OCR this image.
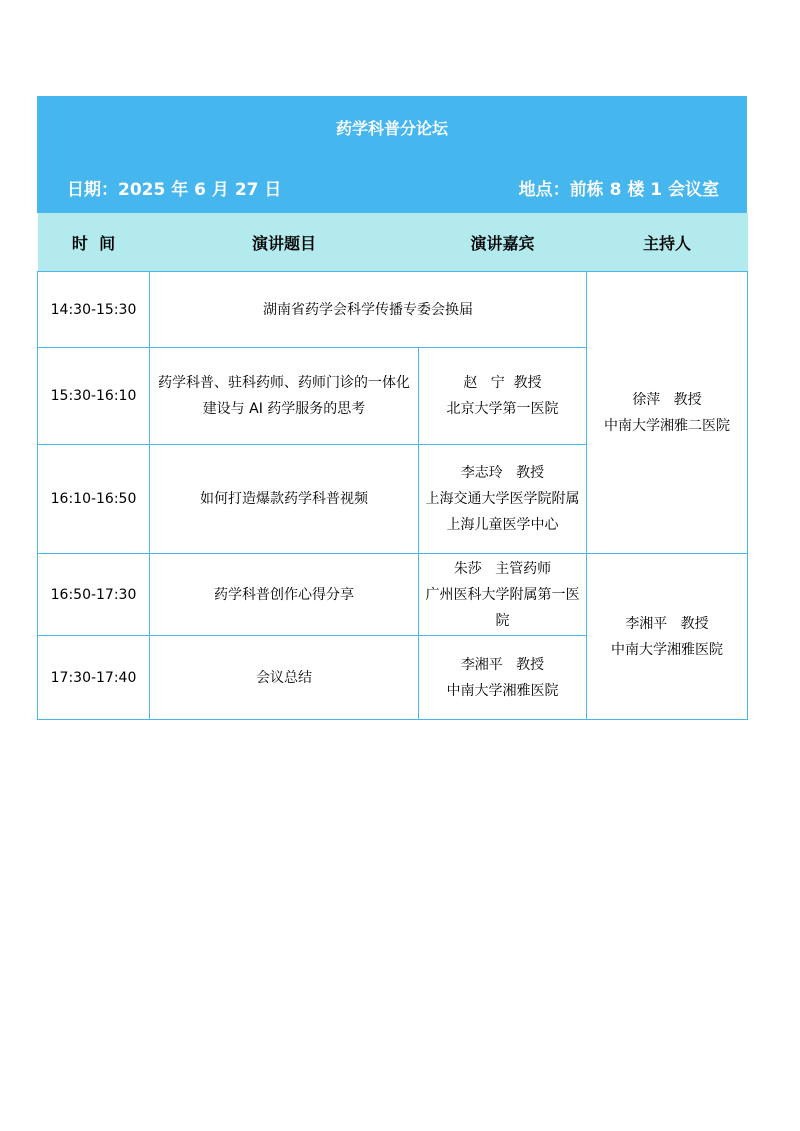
药学科普分论坛
日期：2025 年 6 月 27 日	地点：前栋 8 楼 1 会议室
时  间	演讲题目	演讲嘉宾	主持人
14:30-15:30	湖南省药学会科学传播专委会换届		徐萍   教授
中南大学湘雅二医院

15:30-16:10	药学科普、驻科药师、药师门诊的一体化建设与 AI 药学服务的思考	赵   宁  教授
北京大学第一医院	

16:10-16:50	如何打造爆款药学科普视频	李志玲   教授
上海交通大学医学院附属上海儿童医学中心	

16:50-17:30	药学科普创作心得分享	朱莎   主管药师
广州医科大学附属第一医院	李湘平   教授
中南大学湘雅医院

17:30-17:40	会议总结	李湘平   教授
中南大学湘雅医院	
